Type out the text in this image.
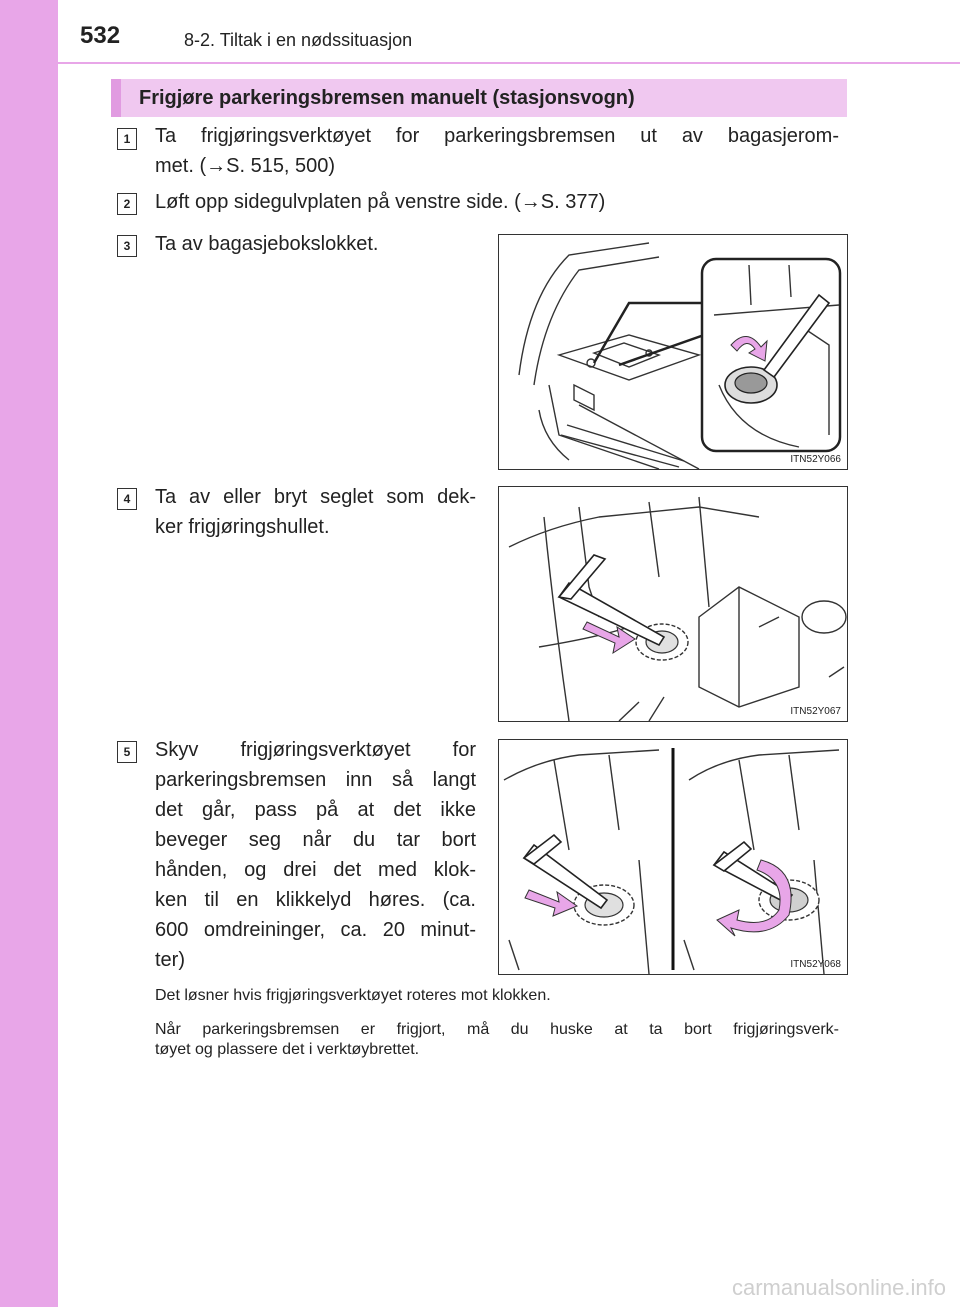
532	8-2. Tiltak i en nødssituasjon
Frigjøre parkeringsbremsen manuelt (stasjonsvogn)
1	Ta frigjøringsverktøyet for parkeringsbremsen ut av bagasjerom-
met. (→S. 515, 500)
2	Løft opp sidegulvplaten på venstre side. (→S. 377)
3	Ta av bagasjebokslokket.
ITN52Y066
4	Ta av eller bryt seglet som dek-
ker frigjøringshullet.
ITN52Y067
5	Skyv frigjøringsverktøyet for
parkeringsbremsen inn så langt
det går, pass på at det ikke
beveger seg når du tar bort
hånden, og drei det med klok-
ken til en klikkelyd høres. (ca.
600 omdreininger, ca. 20 minut-
ter)	ITN52Y068
Det løsner hvis frigjøringsverktøyet roteres mot klokken.
Når parkeringsbremsen er frigjort, må du huske at ta bort frigjøringsverk-
tøyet og plassere det i verktøybrettet.
carmanualsonline.info
